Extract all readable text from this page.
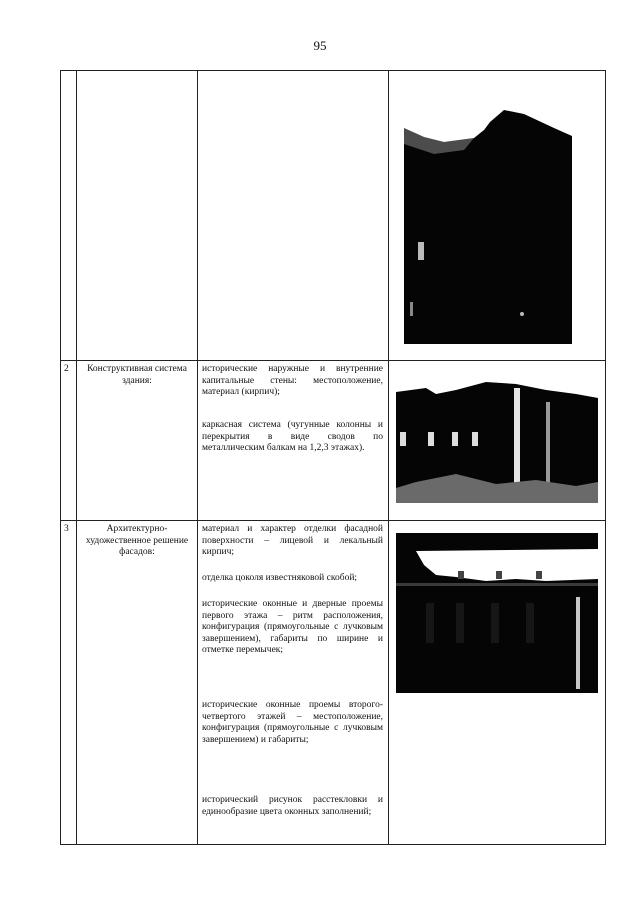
95
2	Конструктивная система здания:
исторические наружные и внутренние капитальные стены: местоположение, материал (кирпич);
каркасная система (чугунные колонны и перекрытия в виде сводов по металлическим балкам на 1,2,3 этажах).
3	Архитектурно-художественное решение фасадов:
материал и характер отделки фасадной поверхности – лицевой и лекальный кирпич;
отделка цоколя известняковой скобой;
исторические оконные и дверные проемы первого этажа – ритм расположения, конфигурация (прямоугольные с лучковым завершением), габариты по ширине и отметке перемычек;
исторические оконные проемы второго-четвертого этажей – местоположение, конфигурация (прямоугольные с лучковым завершением) и габариты;
исторический рисунок расстекловки и единообразие цвета оконных заполнений;
